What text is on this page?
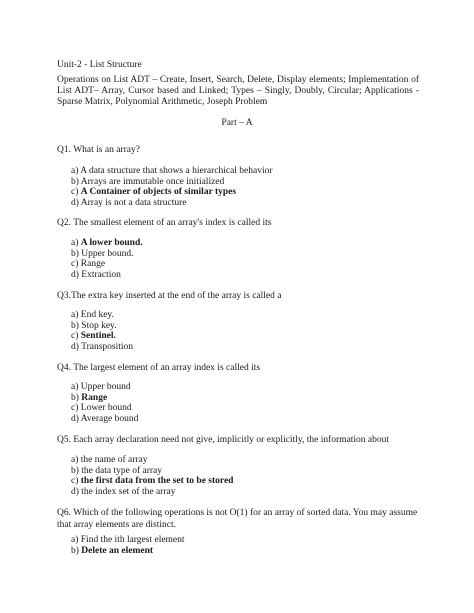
Unit-2 - List Structure
Operations on List ADT – Create, Insert, Search, Delete, Display elements; Implementation of List ADT– Array, Cursor based and Linked; Types – Singly, Doubly, Circular; Applications - Sparse Matrix, Polynomial Arithmetic, Joseph Problem
Part – A
Q1. What is an array?
a) A data structure that shows a hierarchical behavior
b) Arrays are immutable once initialized
c) A Container of objects of similar types
d) Array is not a data structure
Q2. The smallest element of an array's index is called its
a) A lower bound.
b) Upper bound.
c) Range
d) Extraction
Q3.The extra key inserted at the end of the array is called a
a) End key.
b) Stop key.
c) Sentinel.
d) Transposition
Q4. The largest element of an array index is called its
a) Upper bound
b) Range
c) Lower bound
d) Average bound
Q5. Each array declaration need not give, implicitly or explicitly, the information about
a) the name of array
b) the data type of array
c) the first data from the set to be stored
d) the index set of the array
Q6. Which of the following operations is not O(1) for an array of sorted data. You may assume that array elements are distinct.
a) Find the ith largest element
b) Delete an element
